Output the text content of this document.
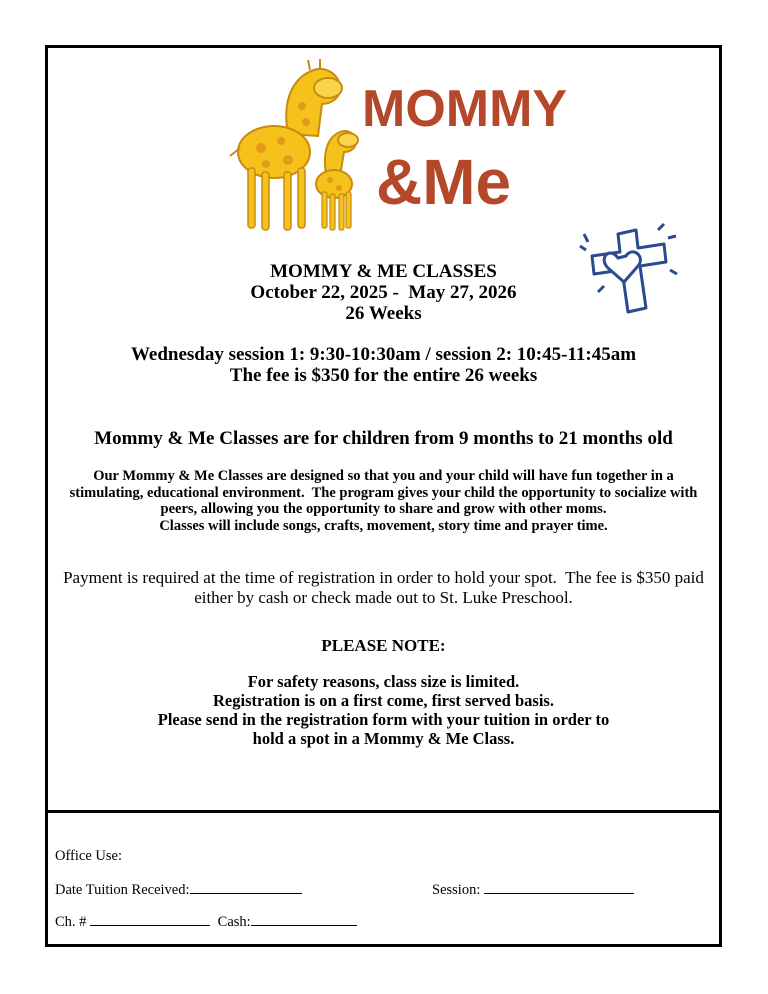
MOMMY
&Me
MOMMY & ME CLASSES
October 22, 2025 -  May 27, 2026
26 Weeks
Wednesday session 1: 9:30-10:30am / session 2: 10:45-11:45am
The fee is $350 for the entire 26 weeks
Mommy & Me Classes are for children from 9 months to 21 months old
Our Mommy & Me Classes are designed so that you and your child will have fun together in a
stimulating, educational environment.  The program gives your child the opportunity to socialize with
peers, allowing you the opportunity to share and grow with other moms.
Classes will include songs, crafts, movement, story time and prayer time.
Payment is required at the time of registration in order to hold your spot.  The fee is $350 paid
either by cash or check made out to St. Luke Preschool.
PLEASE NOTE:
For safety reasons, class size is limited.
Registration is on a first come, first served basis.
Please send in the registration form with your tuition in order to
hold a spot in a Mommy & Me Class.
Office Use:
Date Tuition Received:	Session:
Ch. #	Cash:
